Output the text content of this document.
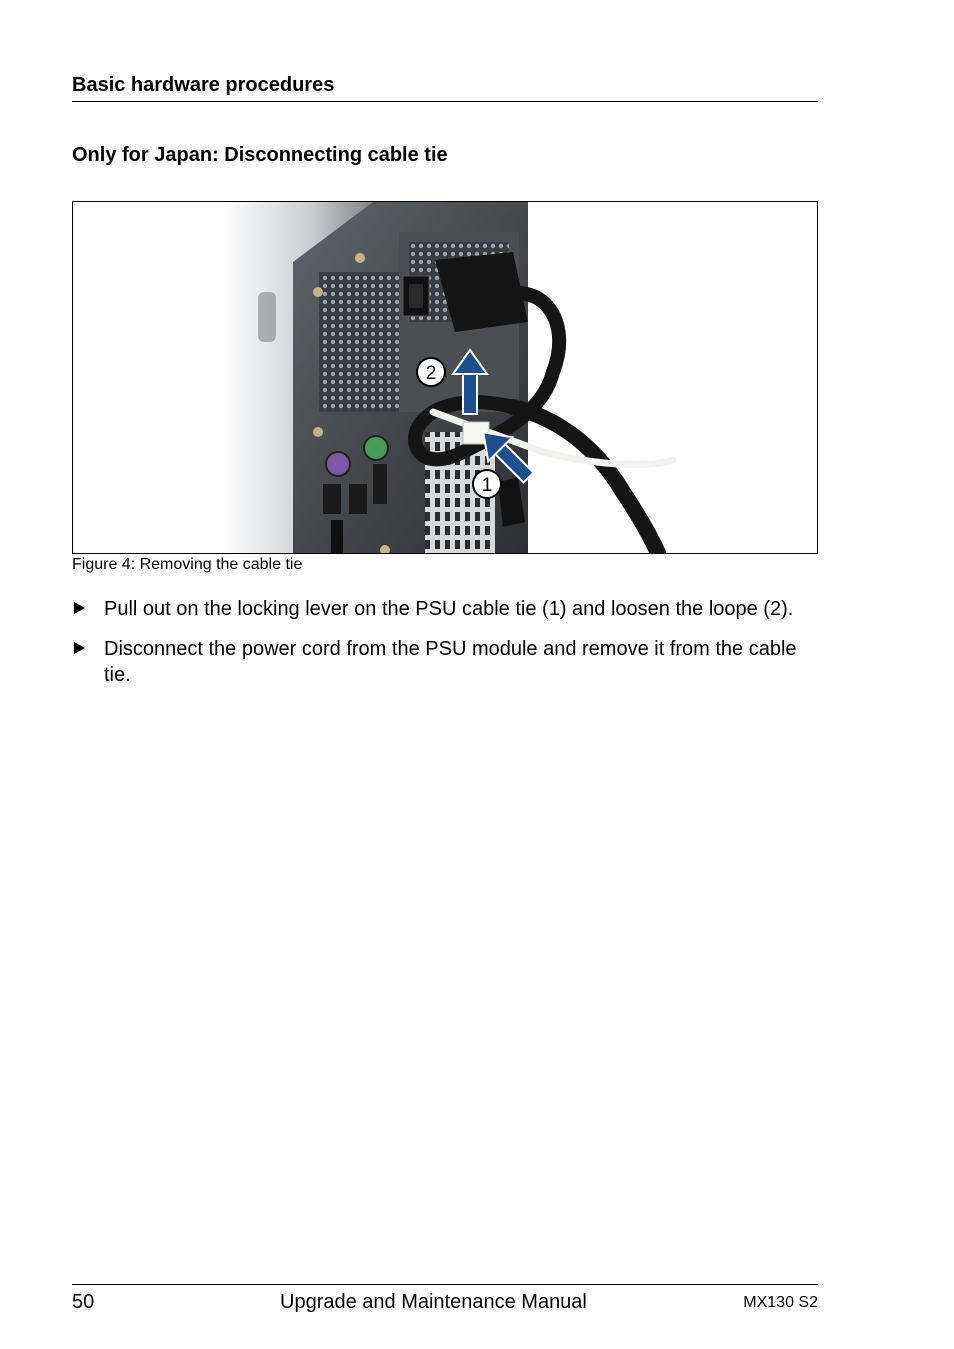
Basic hardware procedures
Only for Japan: Disconnecting cable tie
2
1
Figure 4: Removing the cable tie
Pull out on the locking lever on the PSU cable tie (1) and loosen the loope (2).
Disconnect the power cord from the PSU module and remove it from the cable tie.
50	Upgrade and Maintenance Manual	MX130 S2
